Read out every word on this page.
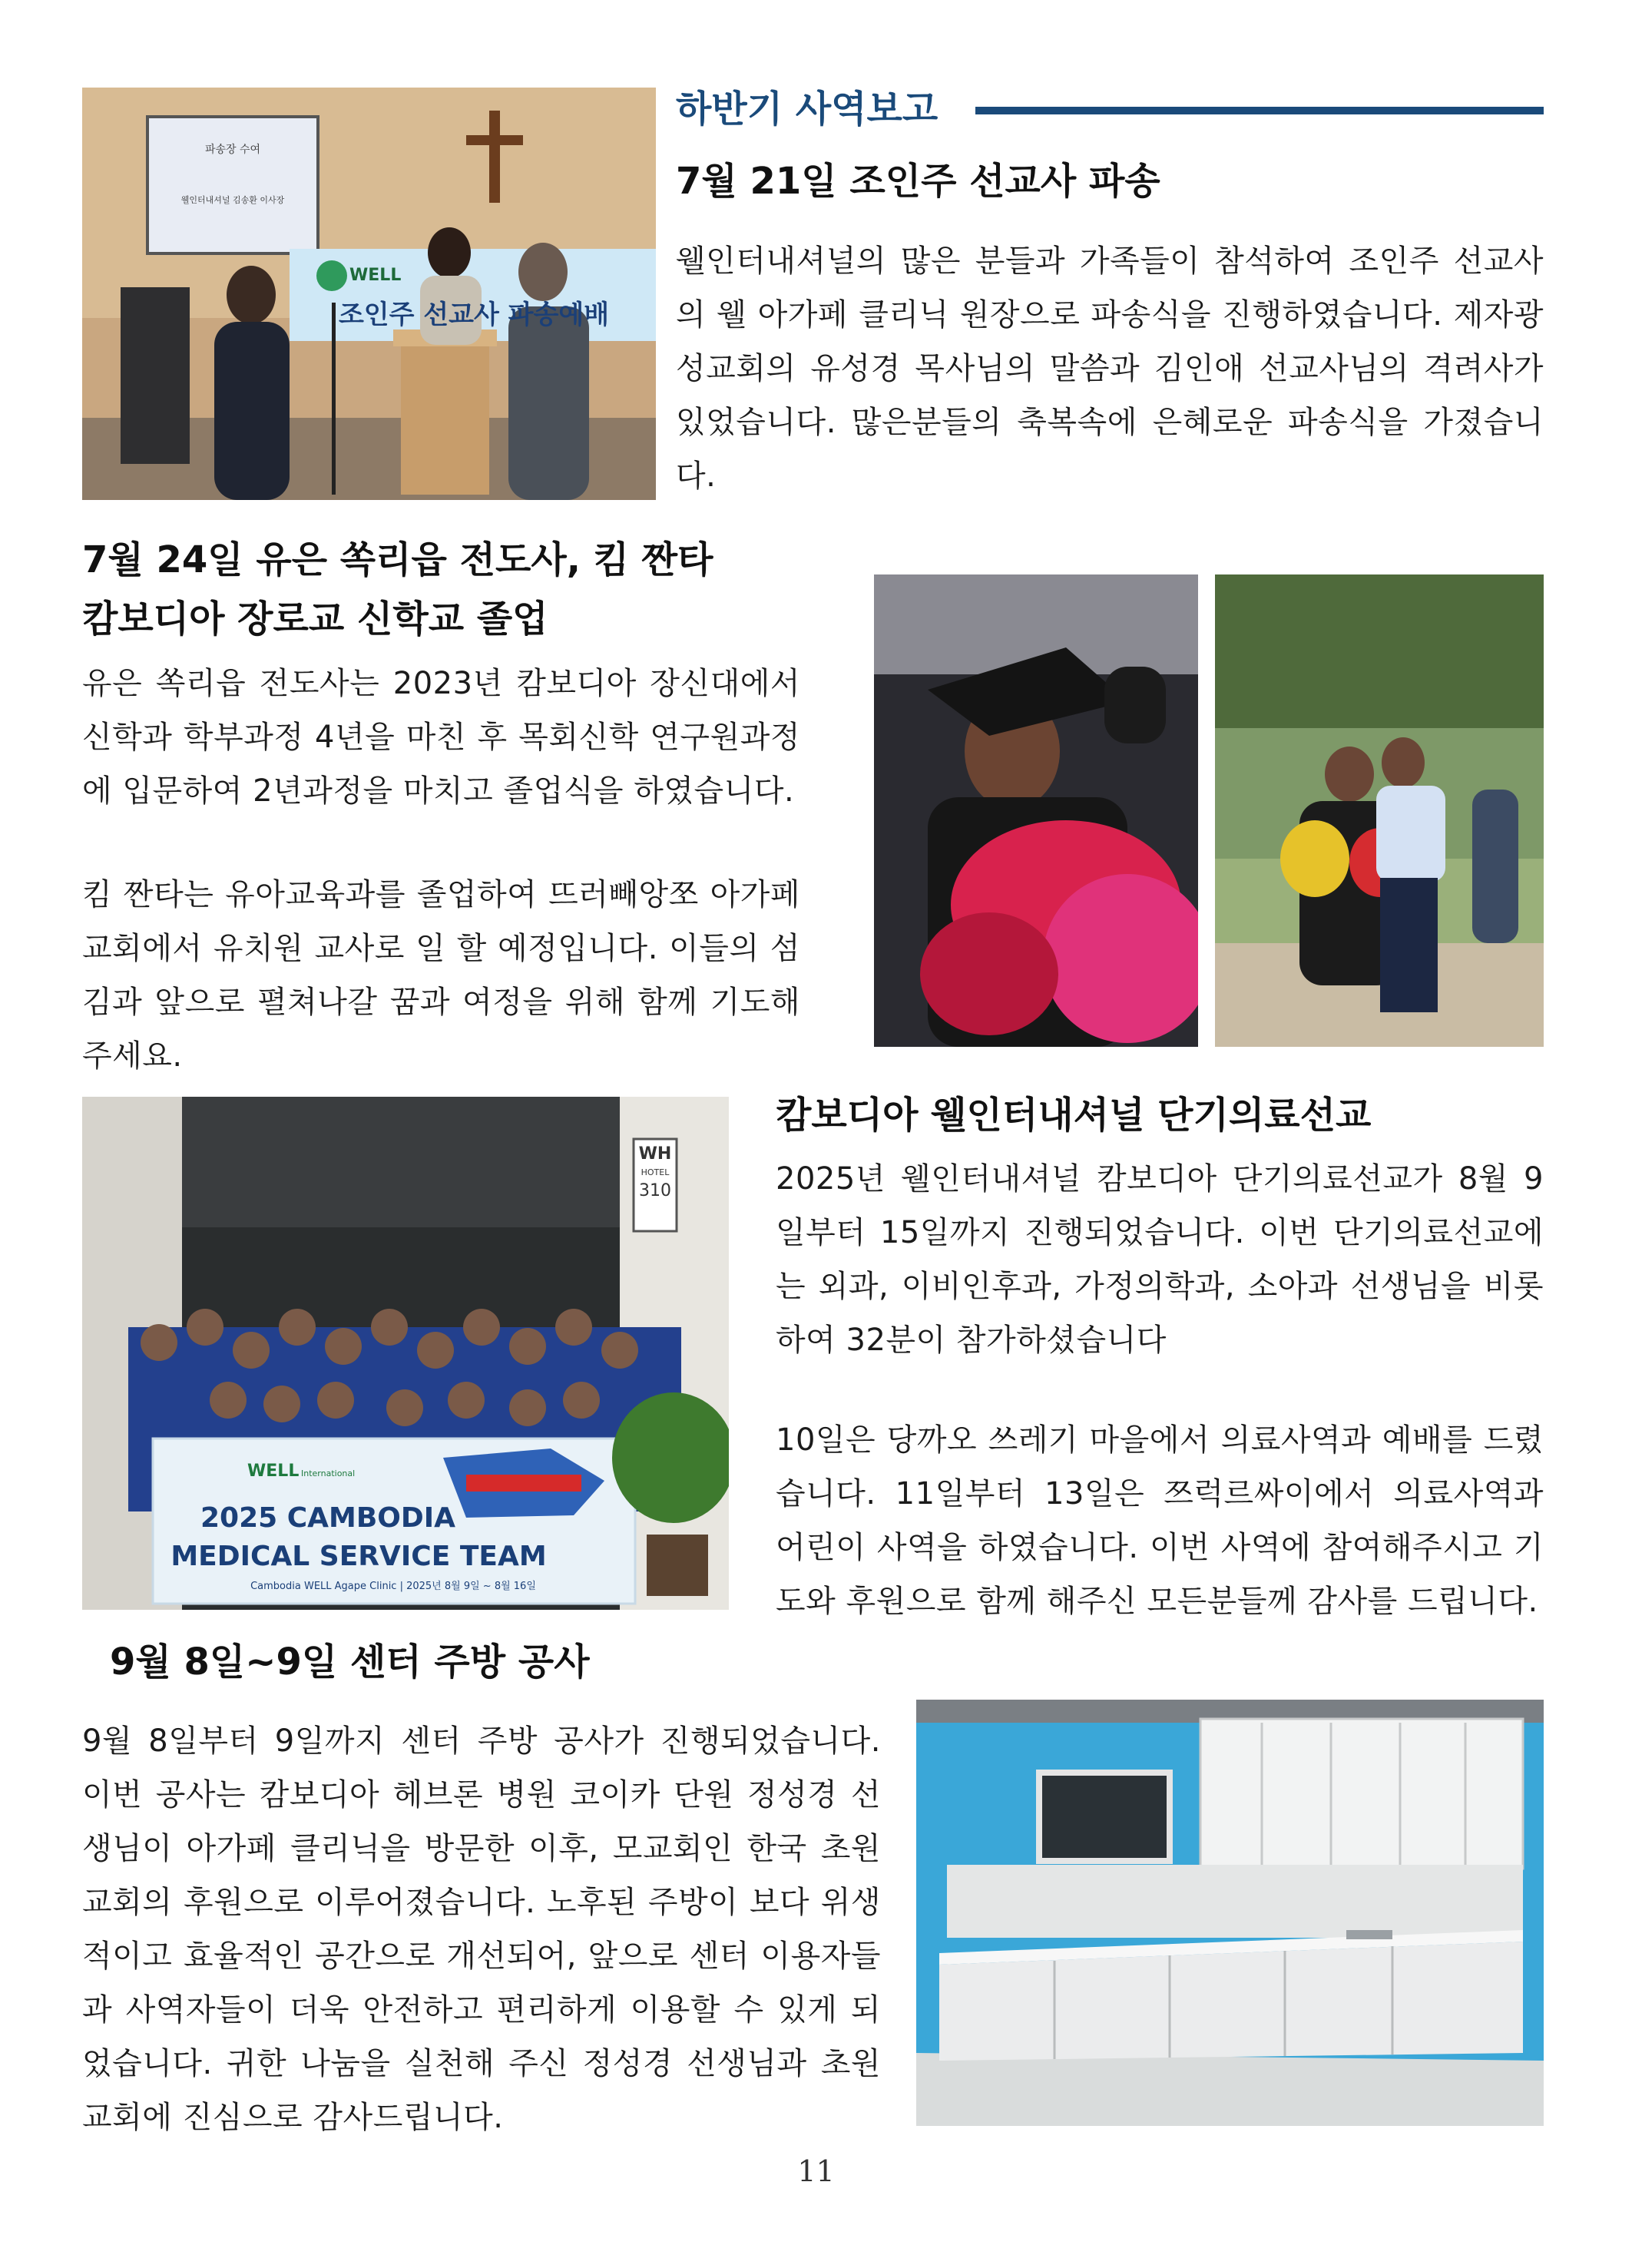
파송장 수여
웰인터내셔널 김송환 이사장
WELL
조인주 선교사 파송예배
하반기 사역보고
7월 21일 조인주 선교사 파송

웰인터내셔널의 많은 분들과 가족들이 참석하여 조인주 선교사의 웰 아가페 클리닉 원장으로 파송식을 진행하였습니다. 제자광성교회의 유성경 목사님의 말씀과 김인애 선교사님의 격려사가 있었습니다. 많은분들의 축복속에 은혜로운 파송식을 가졌습니다.

7월 24일 유은 쏙리읍 전도사, 킴 짠타
캄보디아 장로교 신학교 졸업

유은 쏙리읍 전도사는 2023년 캄보디아 장신대에서 신학과 학부과정 4년을 마친 후 목회신학 연구원과정에 입문하여 2년과정을 마치고 졸업식을 하였습니다.

킴 짠타는 유아교육과를 졸업하여 뜨러빼앙쪼 아가페 교회에서 유치원 교사로 일 할 예정입니다. 이들의 섬김과 앞으로 펼쳐나갈 꿈과 여정을 위해 함께 기도해 주세요.

WH
HOTEL
310
WELL International
2025 CAMBODIA
MEDICAL SERVICE TEAM
Cambodia WELL Agape Clinic | 2025년 8월 9일 ~ 8월 16일
캄보디아 웰인터내셔널 단기의료선교

2025년 웰인터내셔널 캄보디아 단기의료선교가 8월 9일부터 15일까지 진행되었습니다. 이번 단기의료선교에는 외과, 이비인후과, 가정의학과, 소아과 선생님을 비롯하여 32분이 참가하셨습니다

10일은 당까오 쓰레기 마을에서 의료사역과 예배를 드렸습니다. 11일부터 13일은 쯔럭르싸이에서 의료사역과 어린이 사역을 하였습니다. 이번 사역에 참여해주시고 기도와 후원으로 함께 해주신 모든분들께 감사를 드립니다.

9월 8일~9일 센터 주방 공사

9월 8일부터 9일까지 센터 주방 공사가 진행되었습니다. 이번 공사는 캄보디아 헤브론 병원 코이카 단원 정성경 선생님이 아가페 클리닉을 방문한 이후, 모교회인 한국 초원교회의 후원으로 이루어졌습니다. 노후된 주방이 보다 위생적이고 효율적인 공간으로 개선되어, 앞으로 센터 이용자들과 사역자들이 더욱 안전하고 편리하게 이용할 수 있게 되었습니다. 귀한 나눔을 실천해 주신 정성경 선생님과 초원교회에 진심으로 감사드립니다.

11
